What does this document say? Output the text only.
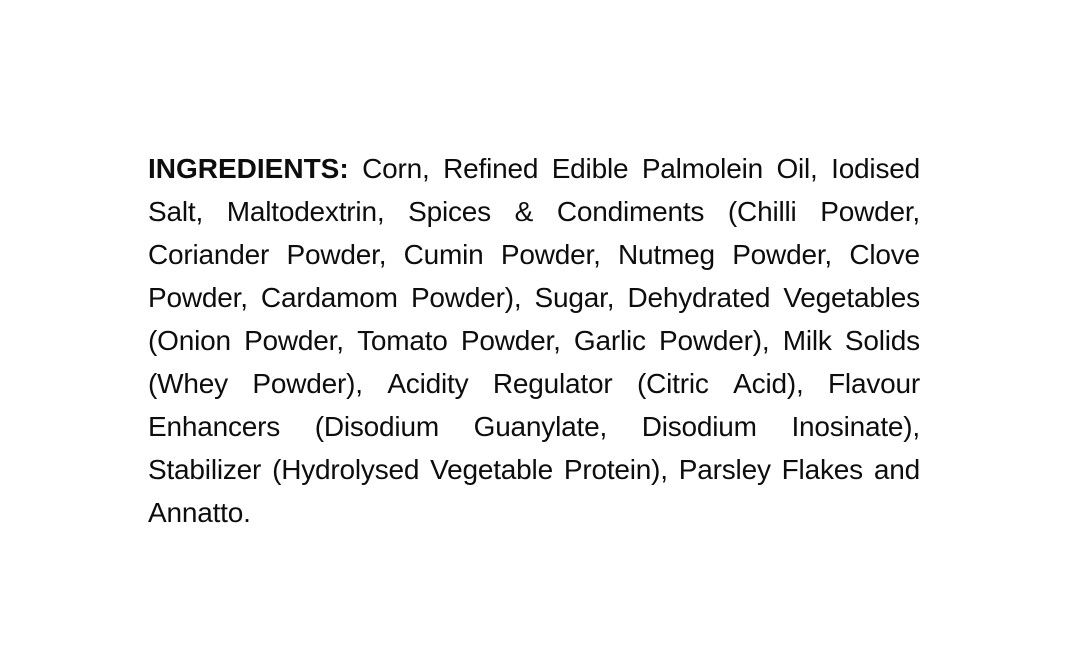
INGREDIENTS: Corn, Refined Edible Palmolein Oil, Iodised
Salt, Maltodextrin, Spices & Condiments (Chilli Powder,
Coriander Powder, Cumin Powder, Nutmeg Powder, Clove
Powder, Cardamom Powder), Sugar, Dehydrated Vegetables
(Onion Powder, Tomato Powder, Garlic Powder), Milk Solids
(Whey Powder), Acidity Regulator (Citric Acid), Flavour
Enhancers (Disodium Guanylate, Disodium Inosinate),
Stabilizer (Hydrolysed Vegetable Protein), Parsley Flakes and
Annatto.
